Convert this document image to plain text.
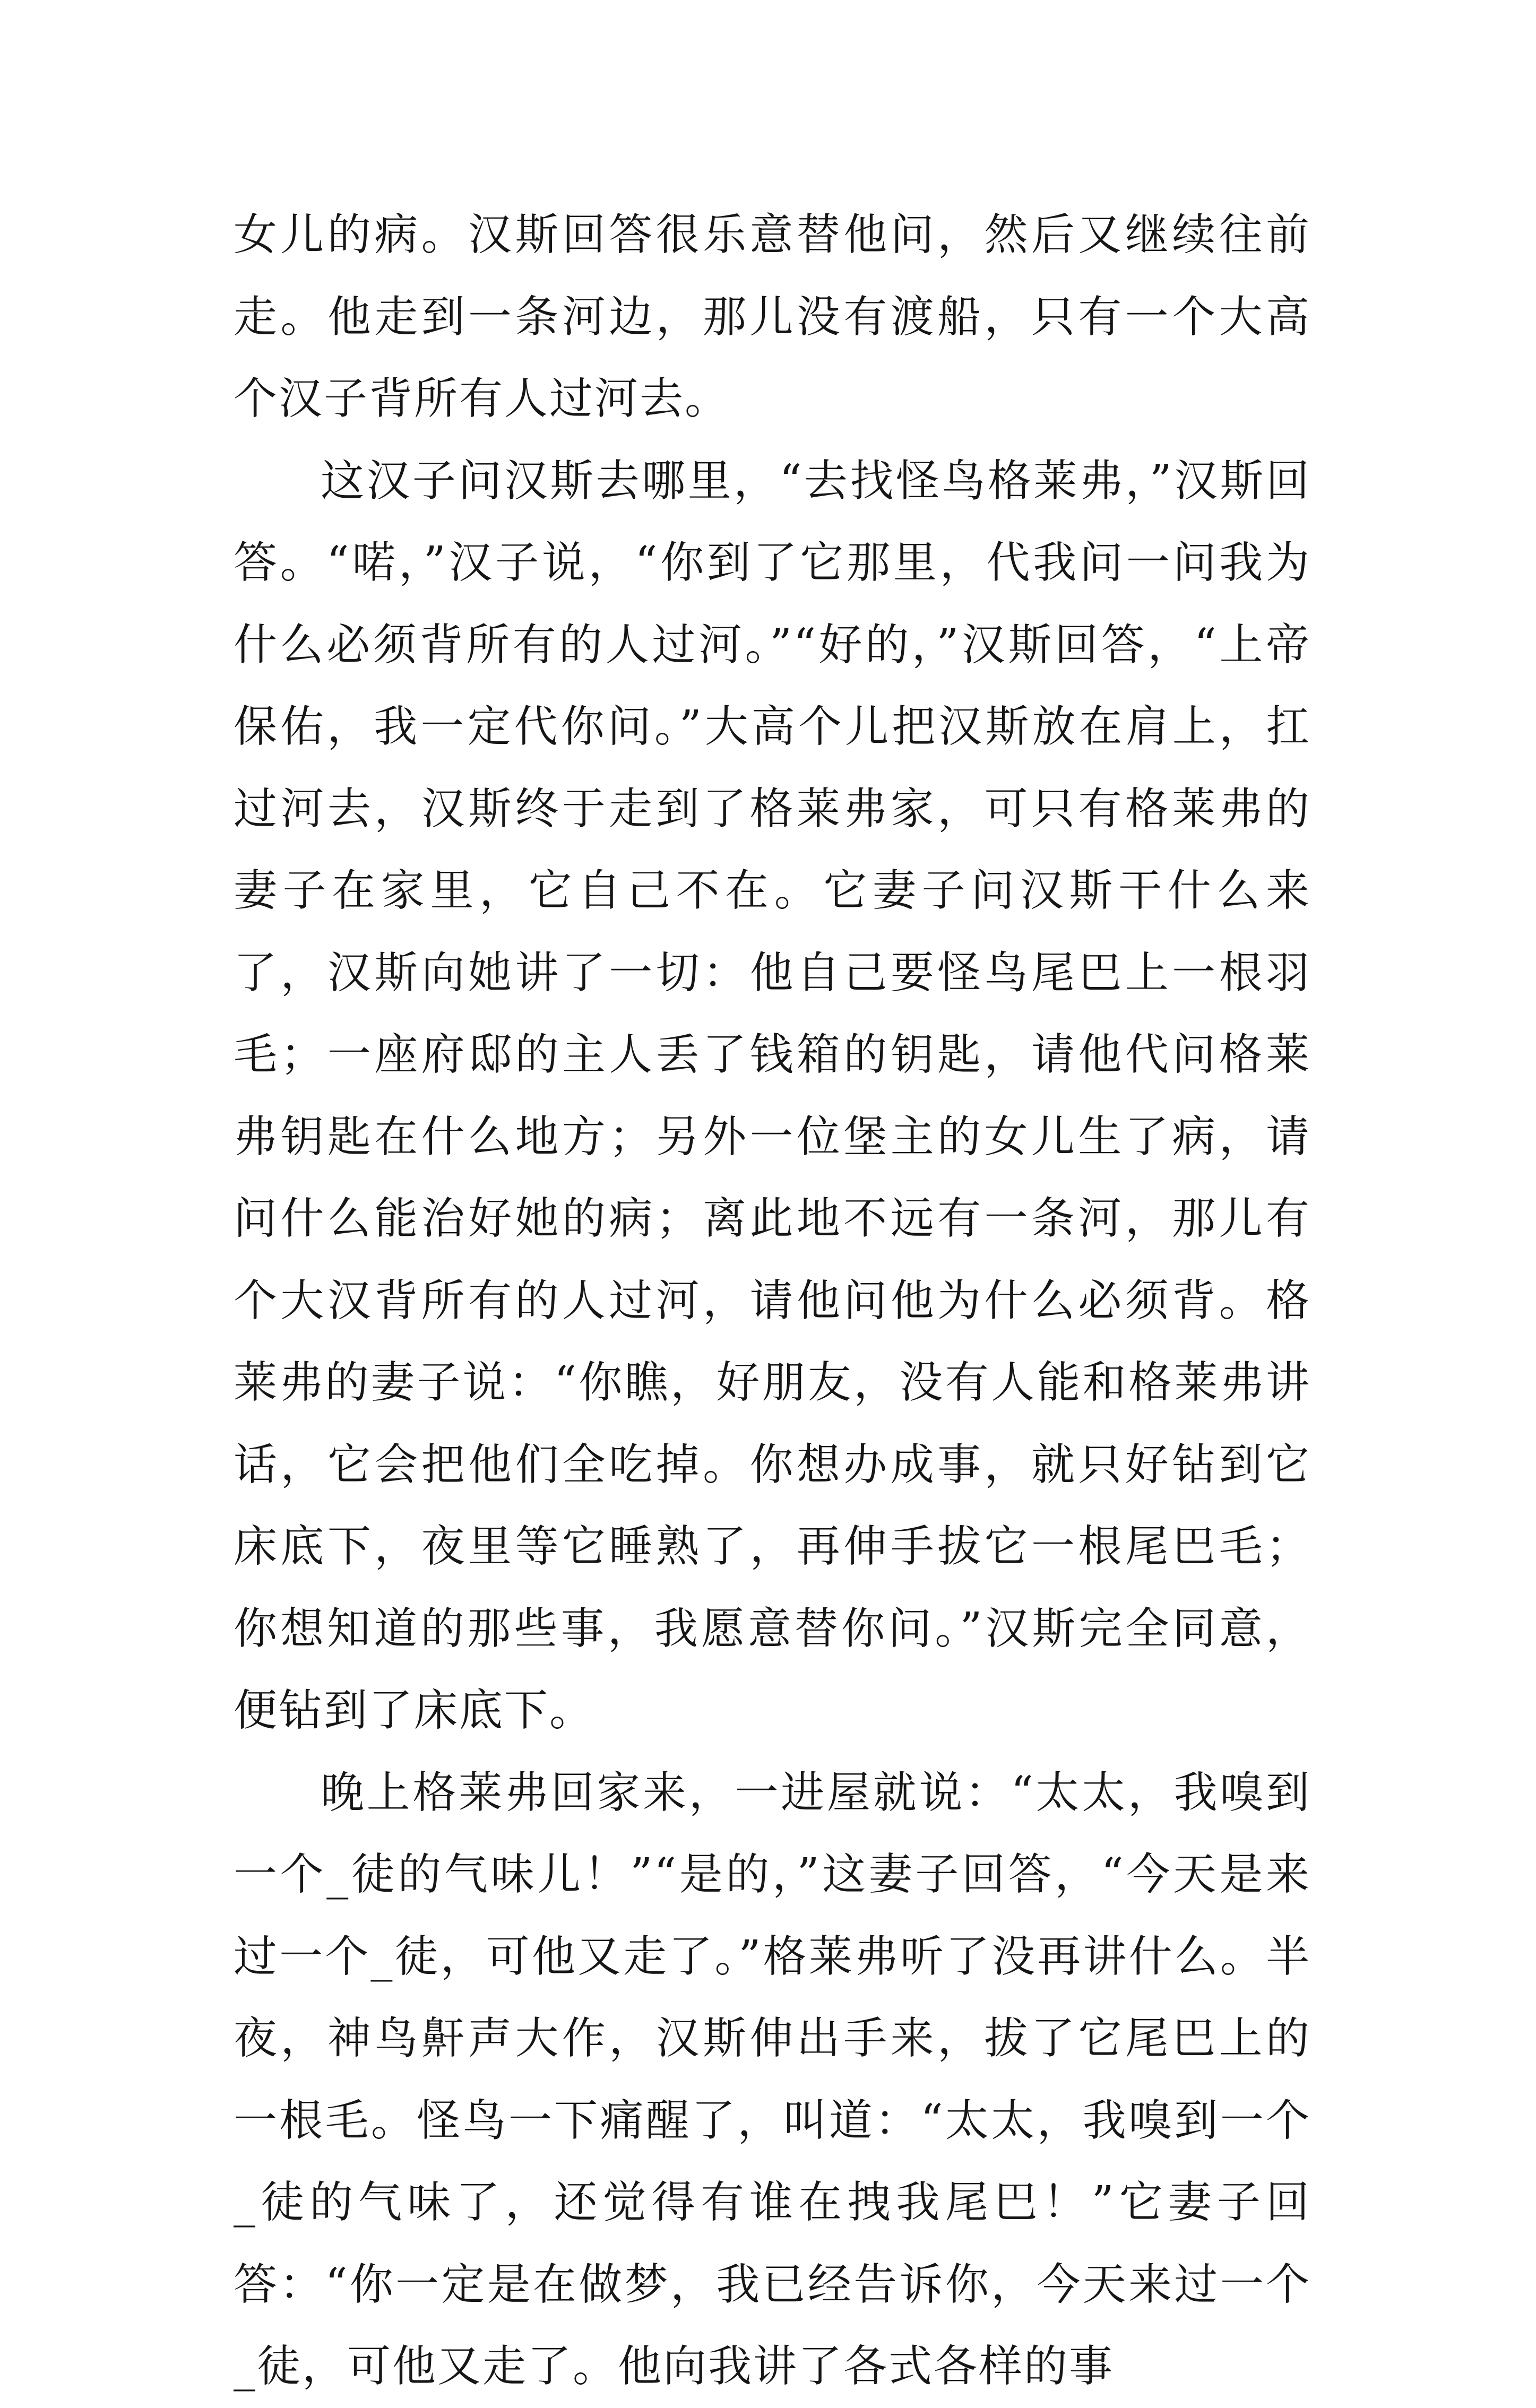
女儿的病。汉斯回答很乐意替他问，然后又继续往前走。他走到一条河边，那儿没有渡船，只有一个大高个汉子背所有人过河去。

这汉子问汉斯去哪里，“去找怪鸟格莱弗，”汉斯回答。“喏，”汉子说，“你到了它那里，代我问一问我为什么必须背所有的人过河。”“好的，”汉斯回答，“上帝保佑，我一定代你问。”大高个儿把汉斯放在肩上，扛过河去，汉斯终于走到了格莱弗家，可只有格莱弗的妻子在家里，它自己不在。它妻子问汉斯干什么来了，汉斯向她讲了一切：他自己要怪鸟尾巴上一根羽毛；一座府邸的主人丢了钱箱的钥匙，请他代问格莱弗钥匙在什么地方；另外一位堡主的女儿生了病，请问什么能治好她的病；离此地不远有一条河，那儿有个大汉背所有的人过河，请他问他为什么必须背。格莱弗的妻子说：“你瞧，好朋友，没有人能和格莱弗讲话，它会把他们全吃掉。你想办成事，就只好钻到它床底下，夜里等它睡熟了，再伸手拔它一根尾巴毛；你想知道的那些事，我愿意替你问。”汉斯完全同意，便钻到了床底下。

晚上格莱弗回家来，一进屋就说：“太太，我嗅到一个_徒的气味儿！”“是的，”这妻子回答，“今天是来过一个_徒，可他又走了。”格莱弗听了没再讲什么。半夜，神鸟鼾声大作，汉斯伸出手来，拔了它尾巴上的一根毛。怪鸟一下痛醒了，叫道：“太太，我嗅到一个_徒的气味了，还觉得有谁在拽我尾巴！”它妻子回答：“你一定是在做梦，我已经告诉你，今天来过一个_徒，可他又走了。他向我讲了各式各样的事
